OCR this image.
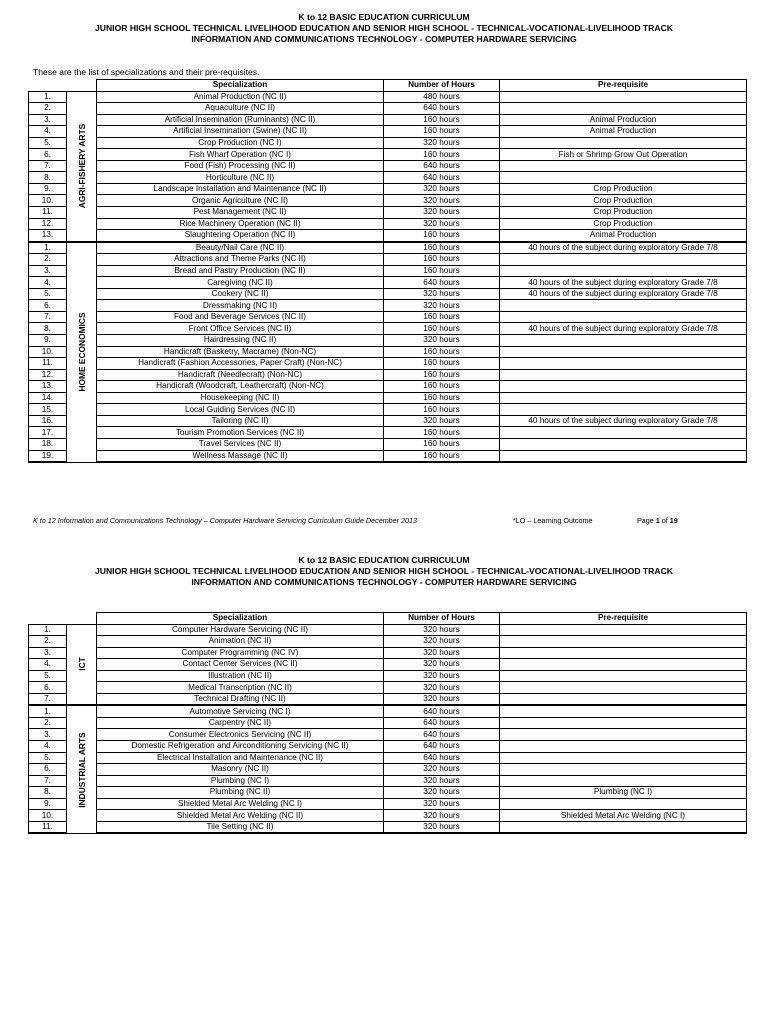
K to 12 BASIC EDUCATION CURRICULUM
JUNIOR HIGH SCHOOL TECHNICAL LIVELIHOOD EDUCATION AND SENIOR HIGH SCHOOL - TECHNICAL-VOCATIONAL-LIVELIHOOD TRACK
INFORMATION AND COMMUNICATIONS TECHNOLOGY - COMPUTER HARDWARE SERVICING
These are the list of specializations and their pre-requisites.
		Specialization	Number of Hours	Pre-requisite
1.	AGRI-FISHERY ARTS	Animal Production (NC II)	480 hours	
2.		Aquaculture (NC II)	640 hours	
3.		Artificial Insemination (Ruminants) (NC II)	160 hours	Animal Production
4.		Artificial Insemination (Swine) (NC II)	160 hours	Animal Production
5.		Crop Production (NC I)	320 hours	
6.		Fish Wharf Operation (NC I)	160 hours	Fish or Shrimp Grow Out Operation
7.		Food (Fish) Processing (NC II)	640 hours	
8.		Horticulture (NC II)	640 hours	
9.		Landscape Installation and Maintenance (NC II)	320 hours	Crop Production
10.		Organic Agriculture (NC II)	320 hours	Crop Production
11.		Pest Management (NC II)	320 hours	Crop Production
12.		Rice Machinery Operation (NC II)	320 hours	Crop Production
13.		Slaughtering Operation (NC II)	160 hours	Animal Production
1.	HOME ECONOMICS	Beauty/Nail Care (NC II)	160 hours	40 hours of the subject during exploratory Grade 7/8
2.		Attractions and Theme Parks (NC II)	160 hours	
3.		Bread and Pastry Production (NC II)	160 hours	
4.		Caregiving (NC II)	640 hours	40 hours of the subject during exploratory Grade 7/8
5.		Cookery (NC II)	320 hours	40 hours of the subject during exploratory Grade 7/8
6.		Dressmaking (NC II)	320 hours	
7.		Food and Beverage Services (NC II)	160 hours	
8.		Front Office Services (NC II)	160 hours	40 hours of the subject during exploratory Grade 7/8
9.		Hairdressing (NC II)	320 hours	
10.		Handicraft (Basketry, Macrame) (Non-NC)	160 hours	
11.		Handicraft (Fashion Accessories, Paper Craft) (Non-NC)	160 hours	
12.		Handicraft (Needlecraft) (Non-NC)	160 hours	
13.		Handicraft (Woodcraft, Leathercraft) (Non-NC)	160 hours	
14.		Housekeeping (NC II)	160 hours	
15.		Local Guiding Services (NC II)	160 hours	
16.		Tailoring (NC II)	320 hours	40 hours of the subject during exploratory Grade 7/8
17.		Tourism Promotion Services (NC II)	160 hours	
18.		Travel Services (NC II)	160 hours	
19.		Wellness Massage (NC II)	160 hours	
K to 12 Information and Communications Technology – Computer Hardware Servicing Curriculum Guide December 2013	*LO – Learning Outcome	Page 1 of 19
K to 12 BASIC EDUCATION CURRICULUM
JUNIOR HIGH SCHOOL TECHNICAL LIVELIHOOD EDUCATION AND SENIOR HIGH SCHOOL - TECHNICAL-VOCATIONAL-LIVELIHOOD TRACK
INFORMATION AND COMMUNICATIONS TECHNOLOGY - COMPUTER HARDWARE SERVICING
		Specialization	Number of Hours	Pre-requisite
1.	ICT	Computer Hardware Servicing (NC II)	320 hours	
2.		Animation (NC II)	320 hours	
3.		Computer Programming (NC IV)	320 hours	
4.		Contact Center Services (NC II)	320 hours	
5.		Illustration (NC II)	320 hours	
6.		Medical Transcription (NC II)	320 hours	
7.		Technical Drafting (NC II)	320 hours	
1.	INDUSTRIAL ARTS	Automotive Servicing (NC I)	640 hours	
2.		Carpentry (NC II)	640 hours	
3.		Consumer Electronics Servicing (NC II)	640 hours	
4.		Domestic Refrigeration and Airconditioning Servicing (NC II)	640 hours	
5.		Electrical Installation and Maintenance (NC II)	640 hours	
6.		Masonry (NC II)	320 hours	
7.		Plumbing (NC I)	320 hours	
8.		Plumbing (NC II)	320 hours	Plumbing (NC I)
9.		Shielded Metal Arc Welding (NC I)	320 hours	
10.		Shielded Metal Arc Welding (NC II)	320 hours	Shielded Metal Arc Welding (NC I)
11.		Tile Setting (NC II)	320 hours	
